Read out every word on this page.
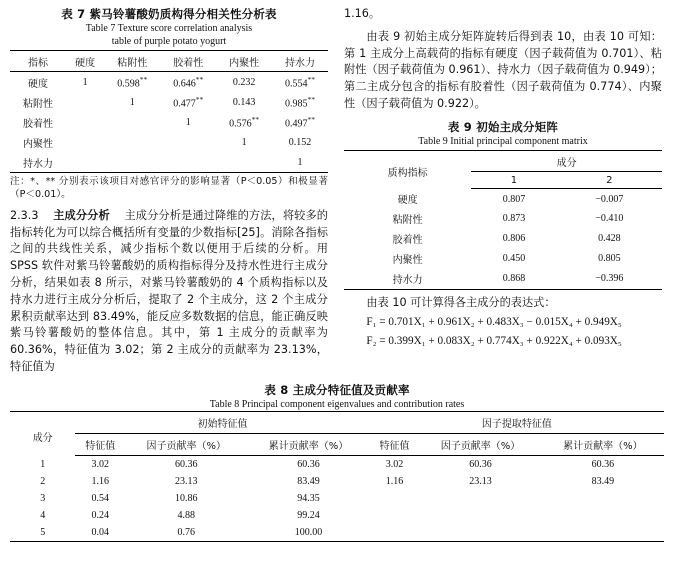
表 7 紫马铃薯酸奶质构得分相关性分析表
Table 7 Texture score correlation analysis
table of purple potato yogurt
指标	硬度	粘附性	胶着性	内聚性	持水力
硬度	1	0.598**	0.646**	0.232	0.554**
粘附性		1	0.477**	0.143	0.985**
胶着性			1	0.576**	0.497**
内聚性				1	0.152
持水力					1

注：*、** 分别表示该项目对感官评分的影响显著（P＜0.05）和极显著（P＜0.01）。

2.3.3 主成分分析 主成分分析是通过降维的方法，将较多的指标转化为可以综合概括所有变量的少数指标[25]。消除各指标之间的共线性关系，减少指标个数以便用于后续的分析。用 SPSS 软件对紫马铃薯酸奶的质构指标得分及持水性进行主成分分析，结果如表 8 所示，对紫马铃薯酸奶的 4 个质构指标以及持水力进行主成分分析后，提取了 2 个主成分，这 2 个主成分累积贡献率达到 83.49%，能反应多数数据的信息，能正确反映紫马铃薯酸奶的整体信息。其中，第 1 主成分的贡献率为 60.36%，特征值为 3.02；第 2 主成分的贡献率为 23.13%，特征值为

1.16。

由表 9 初始主成分矩阵旋转后得到表 10，由表 10 可知：第 1 主成分上高载荷的指标有硬度（因子载荷值为 0.701）、粘附性（因子载荷值为 0.961）、持水力（因子载荷值为 0.949）；第二主成分包含的指标有胶着性（因子载荷值为 0.774）、内聚性（因子载荷值为 0.922）。

表 9 初始主成分矩阵
Table 9 Initial principal component matrix
质构指标	成分	
	1	2
硬度	0.807	−0.007
粘附性	0.873	−0.410
胶着性	0.806	0.428
内聚性	0.450	0.805
持水力	0.868	−0.396

由表 10 可计算得各主成分的表达式：

F₁ = 0.701X₁ + 0.961X₂ + 0.483X₃ − 0.015X₄ + 0.949X₅

F₂ = 0.399X₁ + 0.083X₂ + 0.774X₃ + 0.922X₄ + 0.093X₅

表 8 主成分特征值及贡献率
Table 8 Principal component eigenvalues and contribution rates
成分	初始特征值			因子提取特征值		
	特征值	因子贡献率（%）	累计贡献率（%）	特征值	因子贡献率（%）	累计贡献率（%）
1	3.02	60.36	60.36	3.02	60.36	60.36
2	1.16	23.13	83.49	1.16	23.13	83.49
3	0.54	10.86	94.35			
4	0.24	4.88	99.24			
5	0.04	0.76	100.00			
